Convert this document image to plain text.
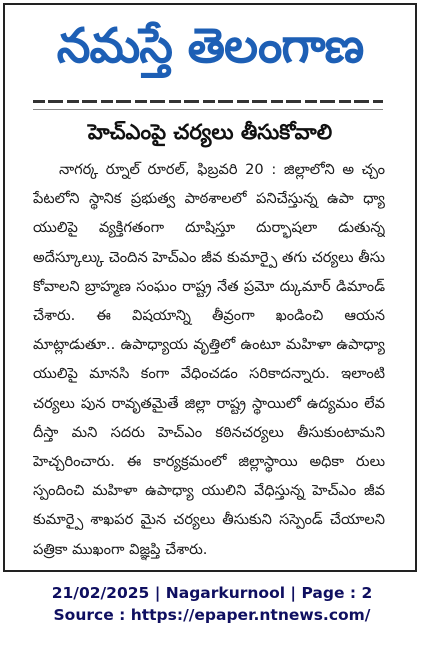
నమస్తే తెలంగాణ
హెచ్ఎంపై చర్యలు తీసుకోవాలి
నాగర్క ర్నూల్ రూరల్, ఫిబ్రవరి 20 : జిల్లాలోని అ చ్చం పేటలోని స్థానిక ప్రభుత్వ పాఠశాలలో పనిచేస్తున్న ఉపా ధ్యా యులిపై వ్యక్తిగతంగా దూషిస్తూ దుర్భాషలా డుతున్న అదేస్కూల్కు చెందిన హెచ్ఎం జీవ కుమార్పై తగు చర్యలు తీసు కోవాలని బ్రాహ్మణ సంఘం రాష్ట్ర నేత ప్రమో ద్కుమార్ డిమాండ్ చేశారు. ఈ విషయాన్ని తీవ్రంగా ఖండించి ఆయన మాట్లాడుతూ.. ఉపాధ్యాయ వృత్తిలో ఉంటూ మహిళా ఉపాధ్యా యులిపై మానసి కంగా వేధించడం సరికాదన్నారు. ఇలాంటి చర్యలు పున రావృతమైతే జిల్లా రాష్ట్ర స్థాయిలో ఉద్యమం లేవ దీస్తా మని సదరు హెచ్ఎం కఠినచర్యలు తీసుకుంటామని హెచ్చరించారు. ఈ కార్యక్రమంలో జిల్లాస్థాయి అధికా రులు స్పందించి మహిళా ఉపాధ్యా యులిని వేధిస్తున్న హెచ్ఎం జీవ కుమార్పై శాఖపర మైన చర్యలు తీసుకుని సస్పెండ్ చేయాలని పత్రికా ముఖంగా విజ్ఞప్తి చేశారు.
21/02/2025 | Nagarkurnool | Page : 2
Source : https://epaper.ntnews.com/
